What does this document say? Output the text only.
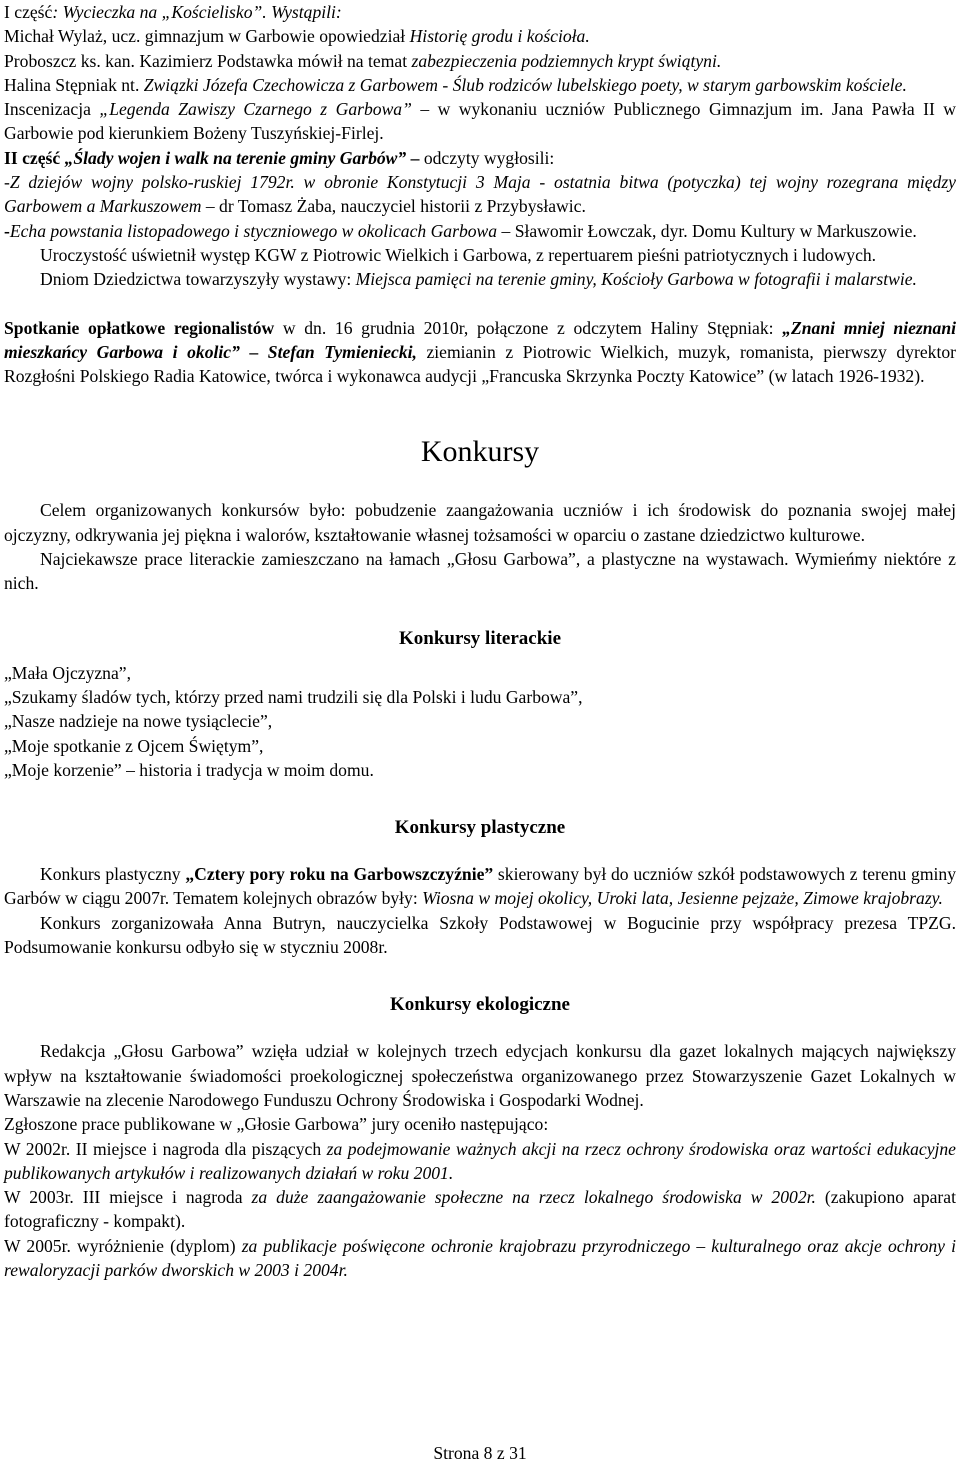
I część: Wycieczka na „Kościelisko”. Wystąpili:

Michał Wylaż, ucz. gimnazjum w Garbowie opowiedział Historię grodu i kościoła.

Proboszcz ks. kan. Kazimierz Podstawka mówił na temat zabezpieczenia podziemnych krypt świątyni.

Halina Stępniak nt. Związki Józefa Czechowicza z Garbowem - Ślub rodziców lubelskiego poety, w starym garbowskim kościele.

Inscenizacja „Legenda Zawiszy Czarnego z Garbowa” – w wykonaniu uczniów Publicznego Gimnazjum im. Jana Pawła II w Garbowie pod kierunkiem Bożeny Tuszyńskiej-Firlej.

II część „Ślady wojen i walk na terenie gminy Garbów” – odczyty wygłosili:

-Z dziejów wojny polsko-ruskiej 1792r. w obronie Konstytucji 3 Maja - ostatnia bitwa (potyczka) tej wojny rozegrana między Garbowem a Markuszowem – dr Tomasz Żaba, nauczyciel historii z Przybysławic.

-Echa powstania listopadowego i styczniowego w okolicach Garbowa – Sławomir Łowczak, dyr. Domu Kultury w Markuszowie.

Uroczystość uświetnił występ KGW z Piotrowic Wielkich i Garbowa, z repertuarem pieśni patriotycznych i ludowych.

Dniom Dziedzictwa towarzyszyły wystawy: Miejsca pamięci na terenie gminy, Kościoły Garbowa w fotografii i malarstwie.

Spotkanie opłatkowe regionalistów w dn. 16 grudnia 2010r, połączone z odczytem Haliny Stępniak: „Znani mniej nieznani mieszkańcy Garbowa i okolic” – Stefan Tymieniecki, ziemianin z Piotrowic Wielkich, muzyk, romanista, pierwszy dyrektor Rozgłośni Polskiego Radia Katowice, twórca i wykonawca audycji „Francuska Skrzynka Poczty Katowice” (w latach 1926-1932).

Konkursy

Celem organizowanych konkursów było: pobudzenie zaangażowania uczniów i ich środowisk do poznania swojej małej ojczyzny, odkrywania jej piękna i walorów, kształtowanie własnej tożsamości w oparciu o zastane dziedzictwo kulturowe.

Najciekawsze prace literackie zamieszczano na łamach „Głosu Garbowa”, a plastyczne na wystawach. Wymieńmy niektóre z nich.

Konkursy literackie

„Mała Ojczyzna”,

„Szukamy śladów tych, którzy przed nami trudzili się dla Polski i ludu Garbowa”,

„Nasze nadzieje na nowe tysiąclecie”,

„Moje spotkanie z Ojcem Świętym”,

„Moje korzenie” – historia i tradycja w moim domu.

Konkursy plastyczne

Konkurs plastyczny „Cztery pory roku na Garbowszczyźnie” skierowany był do uczniów szkół podstawowych z terenu gminy Garbów w ciągu 2007r. Tematem kolejnych obrazów były: Wiosna w mojej okolicy, Uroki lata, Jesienne pejzaże, Zimowe krajobrazy.

Konkurs zorganizowała Anna Butryn, nauczycielka Szkoły Podstawowej w Bogucinie przy współpracy prezesa TPZG. Podsumowanie konkursu odbyło się w styczniu 2008r.

Konkursy ekologiczne

Redakcja „Głosu Garbowa” wzięła udział w kolejnych trzech edycjach konkursu dla gazet lokalnych mających największy wpływ na kształtowanie świadomości proekologicznej społeczeństwa organizowanego przez Stowarzyszenie Gazet Lokalnych w Warszawie na zlecenie Narodowego Funduszu Ochrony Środowiska i Gospodarki Wodnej.

Zgłoszone prace publikowane w „Głosie Garbowa” jury oceniło następująco:

W 2002r. II miejsce i nagroda dla piszących za podejmowanie ważnych akcji na rzecz ochrony środowiska oraz wartości edukacyjne publikowanych artykułów i realizowanych działań w roku 2001.

W 2003r. III miejsce i nagroda za duże zaangażowanie społeczne na rzecz lokalnego środowiska w 2002r. (zakupiono aparat fotograficzny - kompakt).

W 2005r. wyróżnienie (dyplom) za publikacje poświęcone ochronie krajobrazu przyrodniczego – kulturalnego oraz akcje ochrony i rewaloryzacji parków dworskich w 2003 i 2004r.

Strona 8 z 31
